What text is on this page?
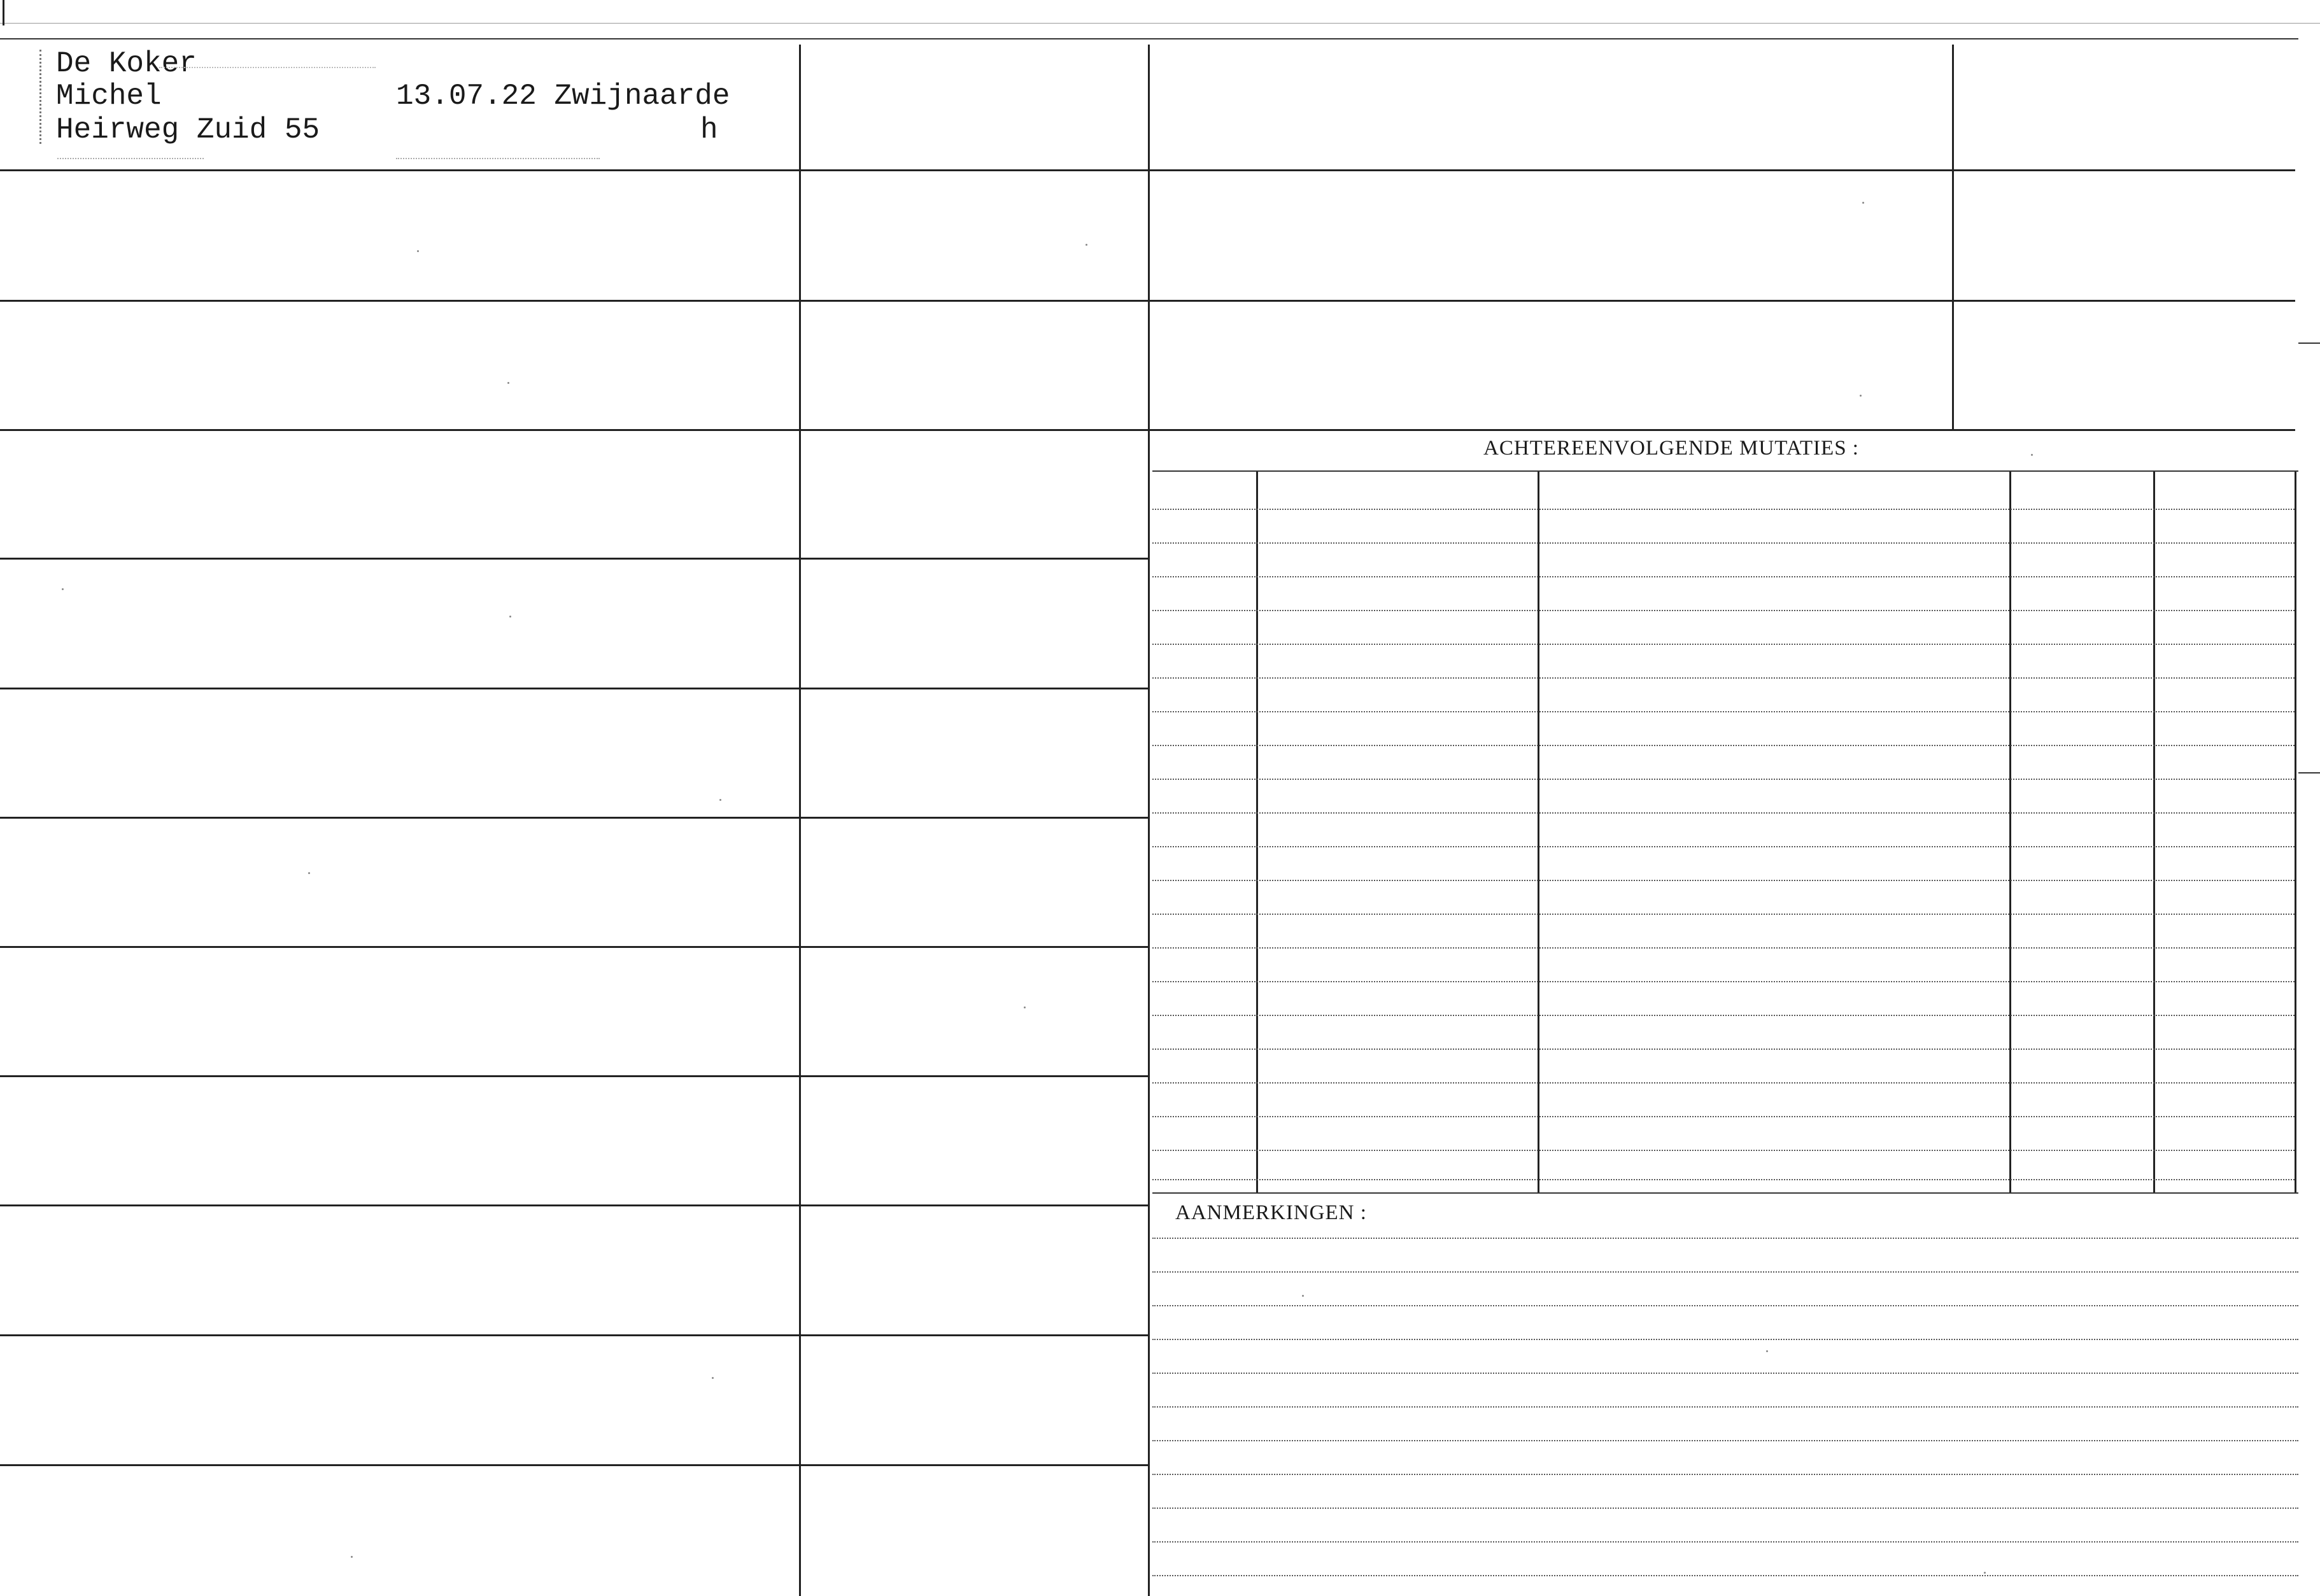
De Koker
Michel
Heirweg Zuid 55
13.07.22 Zwijnaarde
h
ACHTEREENVOLGENDE MUTATIES :
AANMERKINGEN :
